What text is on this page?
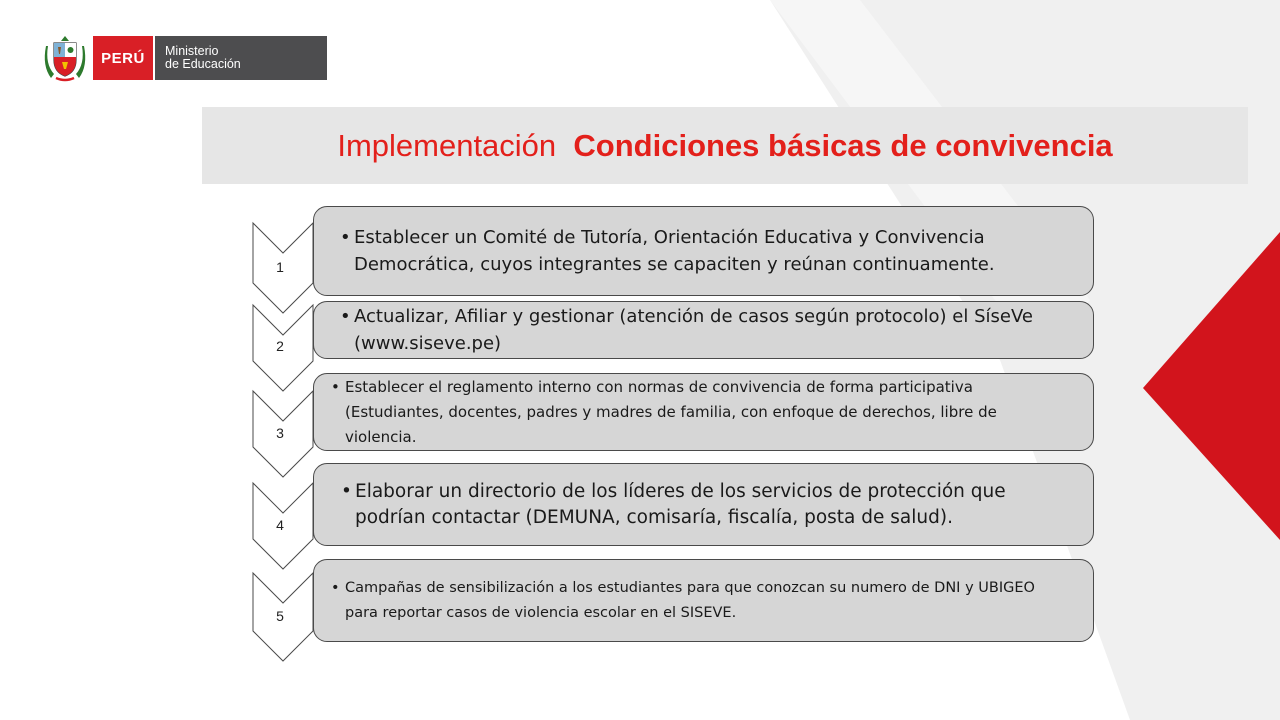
PERÚ	Ministerio
de Educación
Implementación
Condiciones básicas de convivencia
1
2
3
4
5
• Establecer un Comité de Tutoría, Orientación Educativa y Convivencia Democrática, cuyos integrantes se capaciten y reúnan continuamente.
• Actualizar, Afiliar y gestionar (atención de casos según protocolo) el SíseVe (www.siseve.pe)
• Establecer el reglamento interno con normas de convivencia de forma participativa (Estudiantes, docentes, padres y madres de familia, con enfoque de derechos, libre de violencia.
• Elaborar un directorio de los líderes de los servicios de protección que podrían contactar (DEMUNA, comisaría, fiscalía, posta de salud).
• Campañas de sensibilización a los estudiantes para que conozcan su numero de DNI y UBIGEO para reportar casos de violencia escolar en el SISEVE.
